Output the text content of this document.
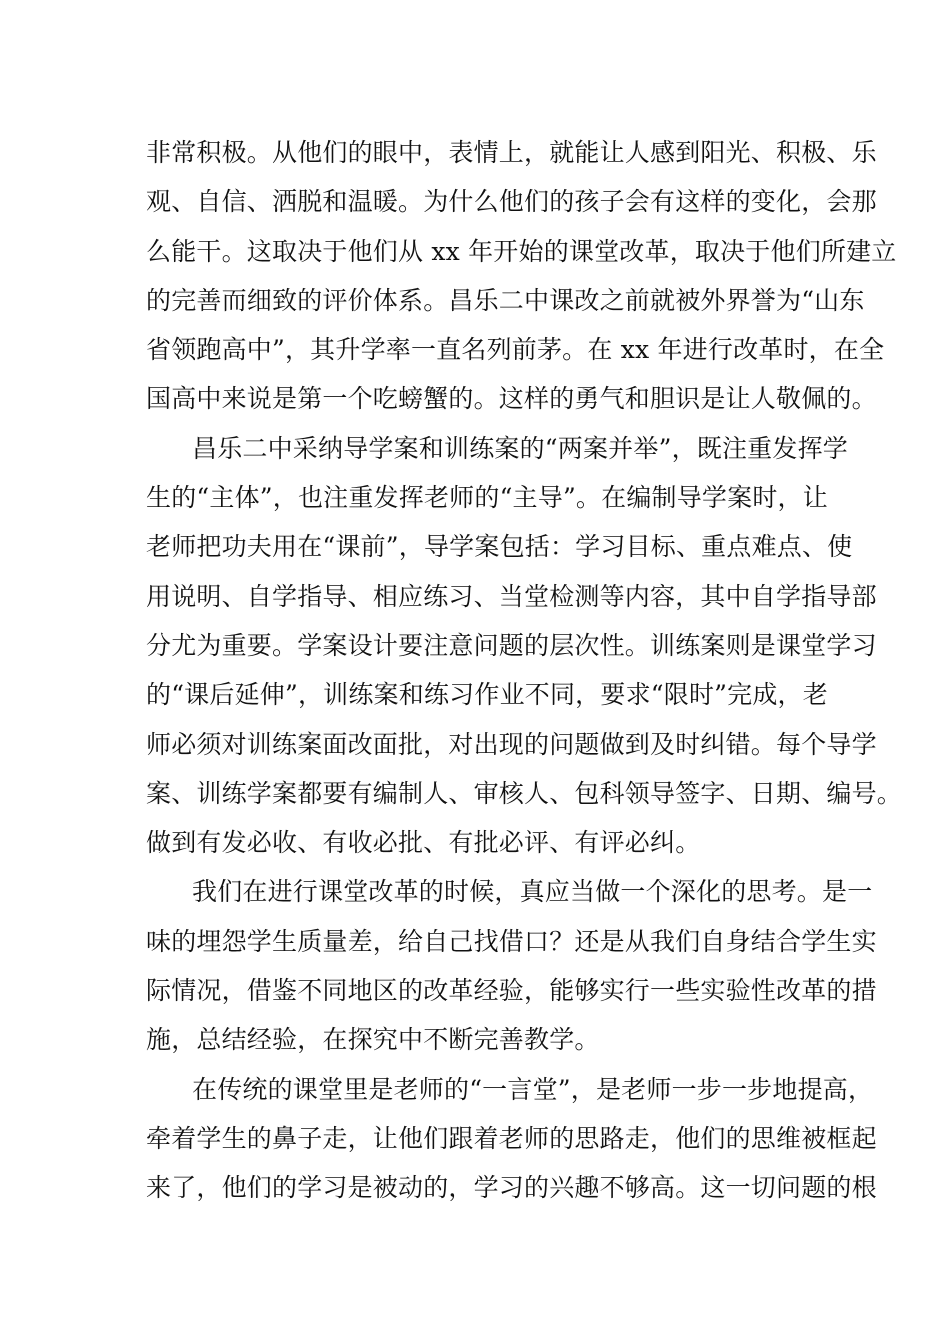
非常积极。从他们的眼中，表情上，就能让人感到阳光、积极、乐
观、自信、洒脱和温暖。为什么他们的孩子会有这样的变化，会那
么能干。这取决于他们从 xx 年开始的课堂改革，取决于他们所建立
的完善而细致的评价体系。昌乐二中课改之前就被外界誉为“山东
省领跑高中”，其升学率一直名列前茅。在 xx 年进行改革时，在全
国高中来说是第一个吃螃蟹的。这样的勇气和胆识是让人敬佩的。
昌乐二中采纳导学案和训练案的“两案并举”，既注重发挥学
生的“主体”，也注重发挥老师的“主导”。在编制导学案时，让
老师把功夫用在“课前”，导学案包括：学习目标、重点难点、使
用说明、自学指导、相应练习、当堂检测等内容，其中自学指导部
分尤为重要。学案设计要注意问题的层次性。训练案则是课堂学习
的“课后延伸”，训练案和练习作业不同，要求“限时”完成，老
师必须对训练案面改面批，对出现的问题做到及时纠错。每个导学
案、训练学案都要有编制人、审核人、包科领导签字、日期、编号。
做到有发必收、有收必批、有批必评、有评必纠。
我们在进行课堂改革的时候，真应当做一个深化的思考。是一
味的埋怨学生质量差，给自己找借口？还是从我们自身结合学生实
际情况，借鉴不同地区的改革经验，能够实行一些实验性改革的措
施，总结经验，在探究中不断完善教学。
在传统的课堂里是老师的“一言堂”，是老师一步一步地提高，
牵着学生的鼻子走，让他们跟着老师的思路走，他们的思维被框起
来了，他们的学习是被动的，学习的兴趣不够高。这一切问题的根
